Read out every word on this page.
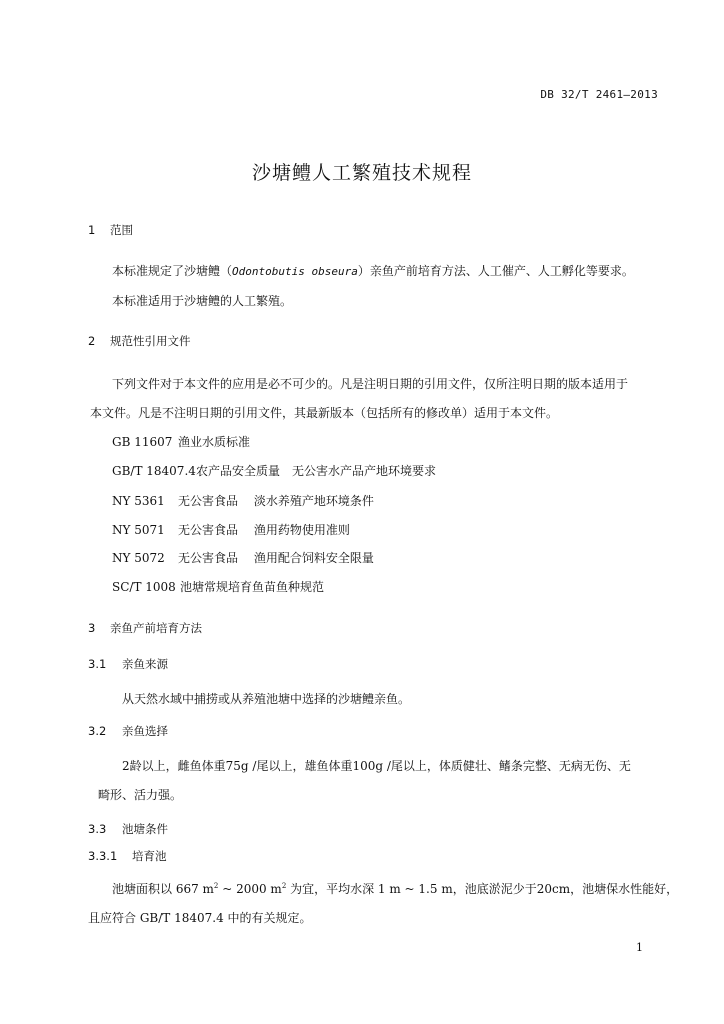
DB 32/T 2461—2013
沙塘鳢人工繁殖技术规程
1 范围
本标准规定了沙塘鳢（Odontobutis obseura）亲鱼产前培育方法、人工催产、人工孵化等要求。
本标准适用于沙塘鳢的人工繁殖。
2 规范性引用文件
下列文件对于本文件的应用是必不可少的。凡是注明日期的引用文件，仅所注明日期的版本适用于
本文件。凡是不注明日期的引用文件，其最新版本（包括所有的修改单）适用于本文件。
GB 11607 渔业水质标准
GB/T 18407.4农产品安全质量　无公害水产品产地环境要求
NY 5361 无公害食品　 淡水养殖产地环境条件
NY 5071 无公害食品　 渔用药物使用准则
NY 5072 无公害食品　 渔用配合饲料安全限量
SC/T 1008 池塘常规培育鱼苗鱼种规范
3 亲鱼产前培育方法
3.1 亲鱼来源
从天然水域中捕捞或从养殖池塘中选择的沙塘鳢亲鱼。
3.2 亲鱼选择
2龄以上，雌鱼体重75g /尾以上，雄鱼体重100g /尾以上，体质健壮、鳍条完整、无病无伤、无
畸形、活力强。
3.3 池塘条件
3.3.1 培育池
池塘面积以 667 $m^2$ ~ 2000 $m^2$ 为宜，平均水深 1 m ~ 1.5 m，池底淤泥少于20cm，池塘保水性能好，
且应符合 GB/T 18407.4 中的有关规定。
1
